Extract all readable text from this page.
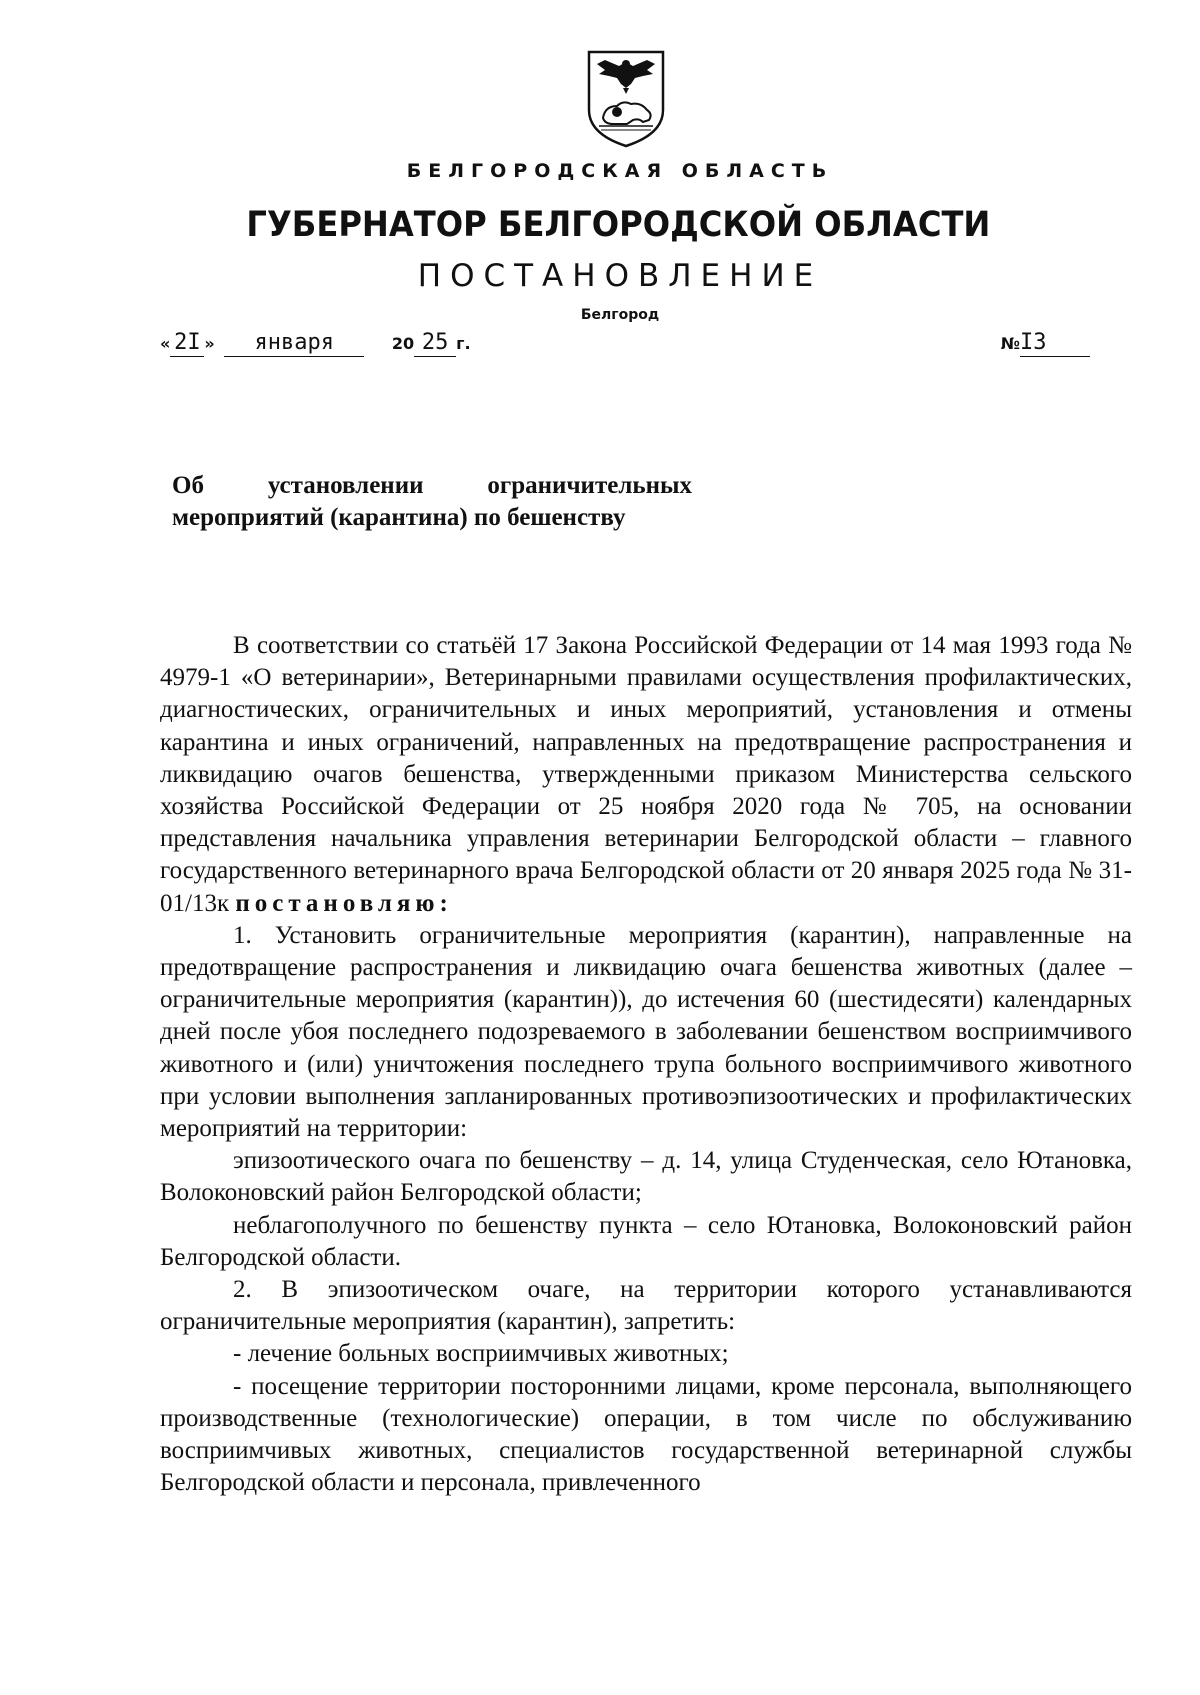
БЕЛГОРОДСКАЯ ОБЛАСТЬ
ГУБЕРНАТОР БЕЛГОРОДСКОЙ ОБЛАСТИ
ПОСТАНОВЛЕНИЕ
Белгород
« 2I » января	20 25 г.	№I3
Об установлении ограничительных
мероприятий (карантина) по бешенству

В соответствии со статьёй 17 Закона Российской Федерации от 14 мая 1993 года № 4979-1 «О ветеринарии», Ветеринарными правилами осуществления профилактических, диагностических, ограничительных и иных мероприятий, установления и отмены карантина и иных ограничений, направленных на предотвращение распространения и ликвидацию очагов бешенства, утвержденными приказом Министерства сельского хозяйства Российской Федерации от 25 ноября 2020 года № 705, на основании представления начальника управления ветеринарии Белгородской области – главного государственного ветеринарного врача Белгородской области от 20 января 2025 года № 31-01/13к постановляю:

1. Установить ограничительные мероприятия (карантин), направленные на предотвращение распространения и ликвидацию очага бешенства животных (далее – ограничительные мероприятия (карантин)), до истечения 60 (шестидесяти) календарных дней после убоя последнего подозреваемого в заболевании бешенством восприимчивого животного и (или) уничтожения последнего трупа больного восприимчивого животного при условии выполнения запланированных противоэпизоотических и профилактических мероприятий на территории:

эпизоотического очага по бешенству – д. 14, улица Студенческая, село Ютановка, Волоконовский район Белгородской области;

неблагополучного по бешенству пункта – село Ютановка, Волоконовский район Белгородской области.

2. В эпизоотическом очаге, на территории которого устанавливаются ограничительные мероприятия (карантин), запретить:

- лечение больных восприимчивых животных;

- посещение территории посторонними лицами, кроме персонала, выполняющего производственные (технологические) операции, в том числе по обслуживанию восприимчивых животных, специалистов государственной ветеринарной службы Белгородской области и персонала, привлеченного
